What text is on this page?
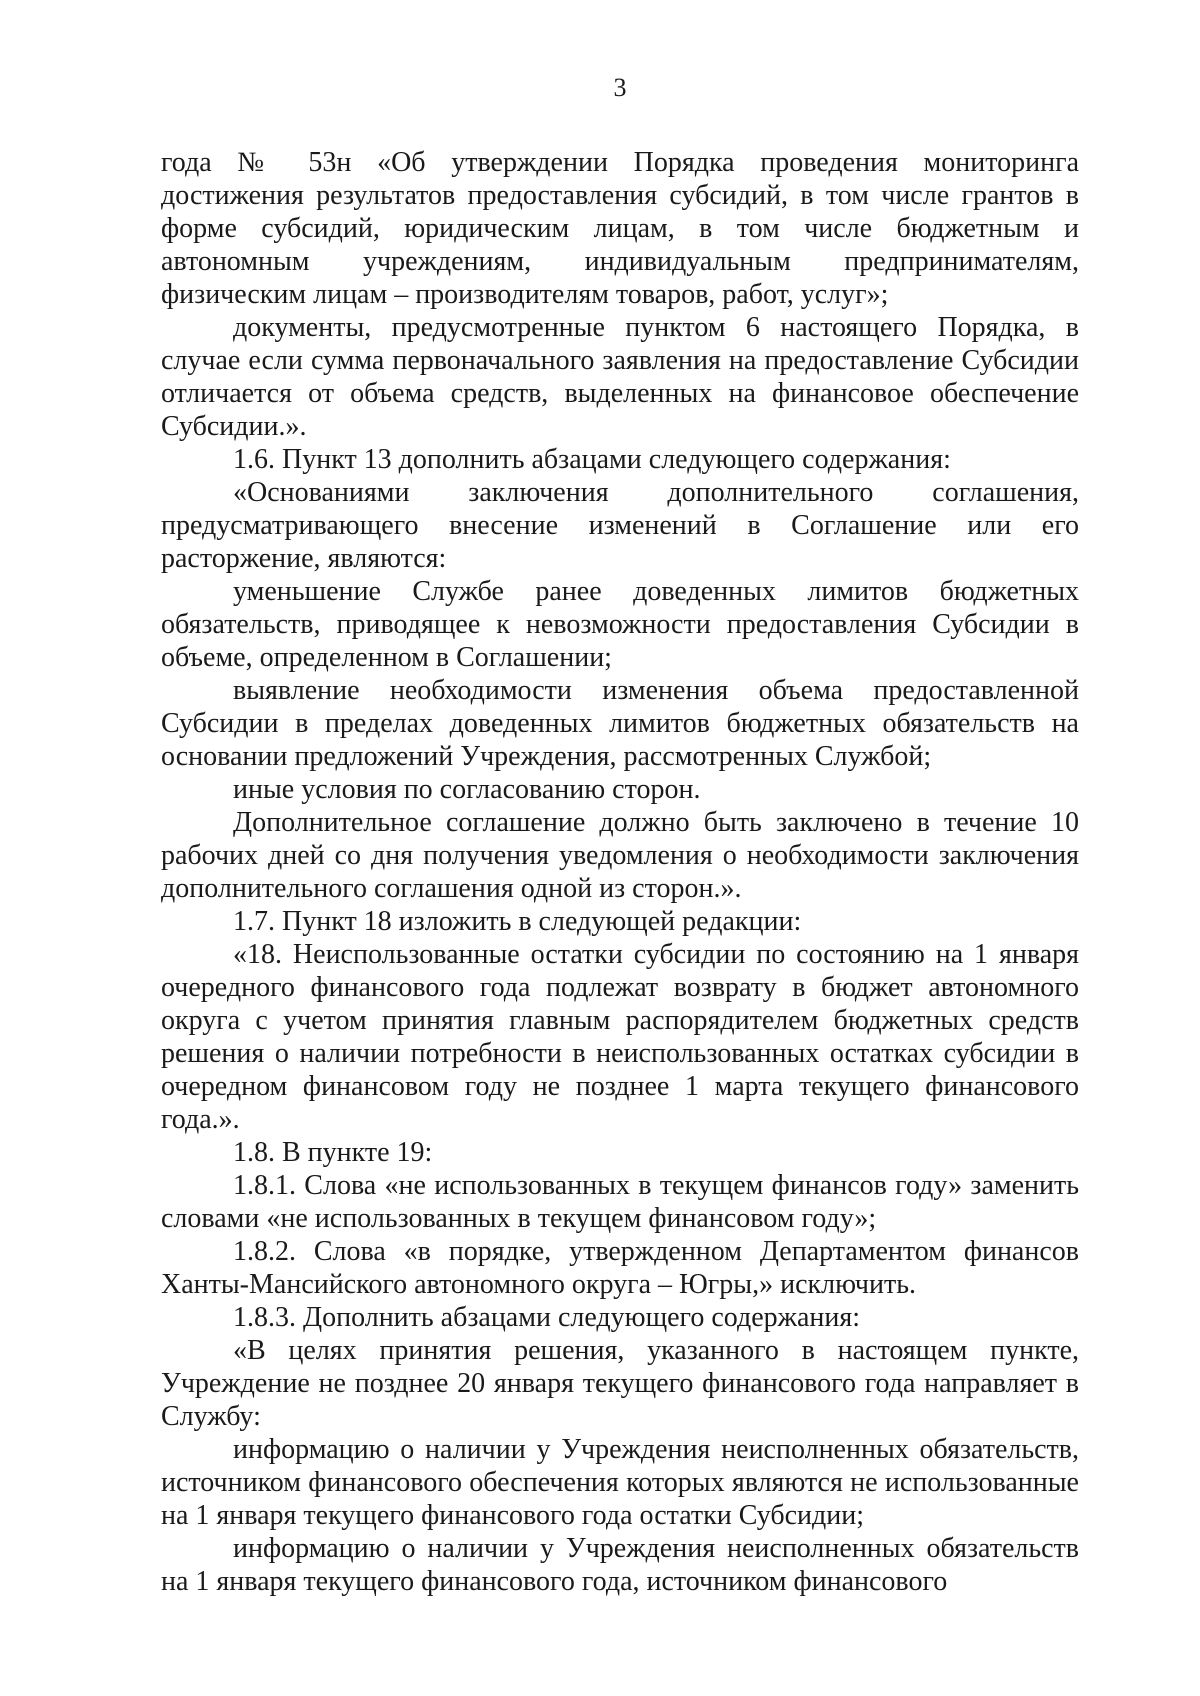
3

года № 53н «Об утверждении Порядка проведения мониторинга достижения результатов предоставления субсидий, в том числе грантов в форме субсидий, юридическим лицам, в том числе бюджетным и автономным учреждениям, индивидуальным предпринимателям, физическим лицам – производителям товаров, работ, услуг»;

документы, предусмотренные пунктом 6 настоящего Порядка, в случае если сумма первоначального заявления на предоставление Субсидии отличается от объема средств, выделенных на финансовое обеспечение Субсидии.».

1.6. Пункт 13 дополнить абзацами следующего содержания:

«Основаниями заключения дополнительного соглашения, предусматривающего внесение изменений в Соглашение или его расторжение, являются:

уменьшение Службе ранее доведенных лимитов бюджетных обязательств, приводящее к невозможности предоставления Субсидии в объеме, определенном в Соглашении;

выявление необходимости изменения объема предоставленной Субсидии в пределах доведенных лимитов бюджетных обязательств на основании предложений Учреждения, рассмотренных Службой;

иные условия по согласованию сторон.

Дополнительное соглашение должно быть заключено в течение 10 рабочих дней со дня получения уведомления о необходимости заключения дополнительного соглашения одной из сторон.».

1.7. Пункт 18 изложить в следующей редакции:

«18. Неиспользованные остатки субсидии по состоянию на 1 января очередного финансового года подлежат возврату в бюджет автономного округа с учетом принятия главным распорядителем бюджетных средств решения о наличии потребности в неиспользованных остатках субсидии в очередном финансовом году не позднее 1 марта текущего финансового года.».

1.8. В пункте 19:

1.8.1. Слова «не использованных в текущем финансов году» заменить словами «не использованных в текущем финансовом году»;

1.8.2. Слова «в порядке, утвержденном Департаментом финансов Ханты-Мансийского автономного округа – Югры,» исключить.

1.8.3. Дополнить абзацами следующего содержания:

«В целях принятия решения, указанного в настоящем пункте, Учреждение не позднее 20 января текущего финансового года направляет в Службу:

информацию о наличии у Учреждения неисполненных обязательств, источником финансового обеспечения которых являются не использованные на 1 января текущего финансового года остатки Субсидии;

информацию о наличии у Учреждения неисполненных обязательств на 1 января текущего финансового года, источником финансового
